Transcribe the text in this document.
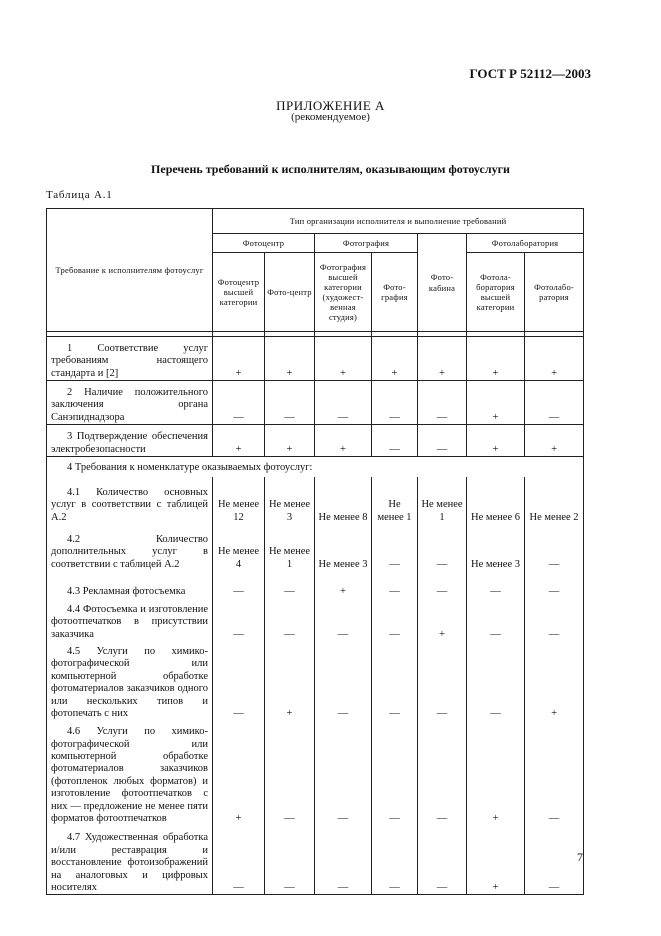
ГОСТ Р 52112—2003
ПРИЛОЖЕНИЕ А
(рекомендуемое)
Перечень требований к исполнителям, оказывающим фотоуслуги
Таблица А.1
Требование к исполнителям фотоуслуг	Тип организации исполнителя и выполнение требований						
	Фотоцентр		Фотография		Фото-кабина	Фотолаборатория	
	Фотоцентр высшей категории	Фото-центр	Фотография высшей категории (художест-венная студия)	Фото-графия		Фотола-боратория высшей категории	Фотолабо-ратория

1 Соответствие услуг требованиям настоящего стандарта и [2]	+	+	+	+	+	+	+
2 Наличие положительного заключения органа Санэпиднадзора	—	—	—	—	—	+	—
3 Подтверждение обеспечения электробезопасности	+	+	+	—	—	+	+
4 Требования к номенклатуре оказываемых фотоуслуг:							
4.1 Количество основных услуг в соответствии с таблицей А.2	Не менее 12	Не менее 3	Не менее 8	Не менее 1	Не менее 1	Не менее 6	Не менее 2
4.2 Количество дополнительных услуг в соответствии с таблицей А.2	Не менее 4	Не менее 1	Не менее 3	—	—	Не менее 3	—
4.3 Рекламная фотосъемка	—	—	+	—	—	—	—
4.4 Фотосъемка и изготовление фотоотпечатков в присутствии заказчика	—	—	—	—	+	—	—
4.5 Услуги по химико-фотографической или компьютерной обработке фотоматериалов заказчиков одного или нескольких типов и фотопечать с них	—	+	—	—	—	—	+
4.6 Услуги по химико-фотографической или компьютерной обработке фотоматериалов заказчиков (фотопленок любых форматов) и изготовление фотоотпечатков с них — предложение не менее пяти форматов фотоотпечатков	+	—	—	—	—	+	—
4.7 Художественная обработка и/или реставрация и восстановление фотоизображений на аналоговых и цифровых носителях	—	—	—	—	—	+	—
7
